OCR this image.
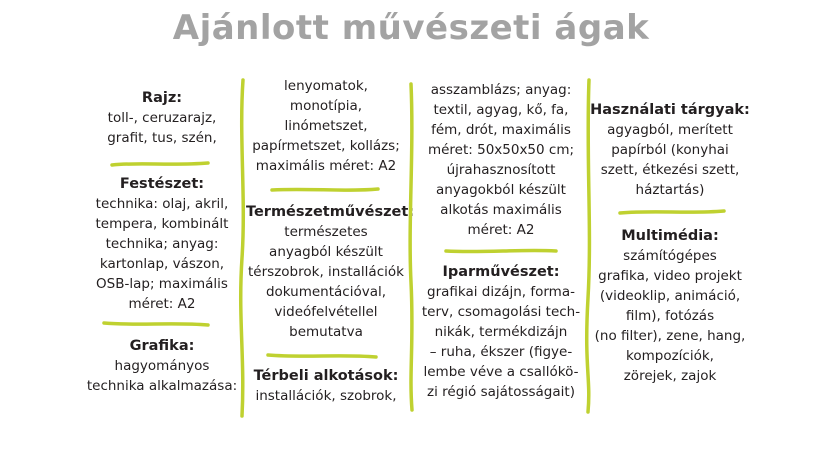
Ajánlott művészeti ágak
Rajz:
toll-, ceruzarajz,
grafit, tus, szén,
Festészet:
technika: olaj, akril,
tempera, kombinált
technika; anyag:
kartonlap, vászon,
OSB-lap; maximális
méret: A2
Grafika:
hagyományos
technika alkalmazása:
lenyomatok,
monotípia,
linómetszet,
papírmetszet, kollázs;
maximális méret: A2
Természetművészet:
természetes
anyagból készült
térszobrok, installációk
dokumentációval,
videófelvétellel
bemutatva
Térbeli alkotások:
installációk, szobrok,
asszamblázs; anyag:
textil, agyag, kő, fa,
fém, drót, maximális
méret: 50x50x50 cm;
újrahasznosított
anyagokból készült
alkotás maximális
méret: A2
Iparművészet:
grafikai dizájn, forma-
terv, csomagolási tech-
nikák, termékdizájn
– ruha, ékszer (figye-
lembe véve a csallókö-
zi régió sajátosságait)
Használati tárgyak:
agyagból, merített
papírból (konyhai
szett, étkezési szett,
háztartás)
Multimédia:
számítógépes
grafika, video projekt
(videoklip, animáció,
film), fotózás
(no filter), zene, hang,
kompozíciók,
zörejek, zajok
